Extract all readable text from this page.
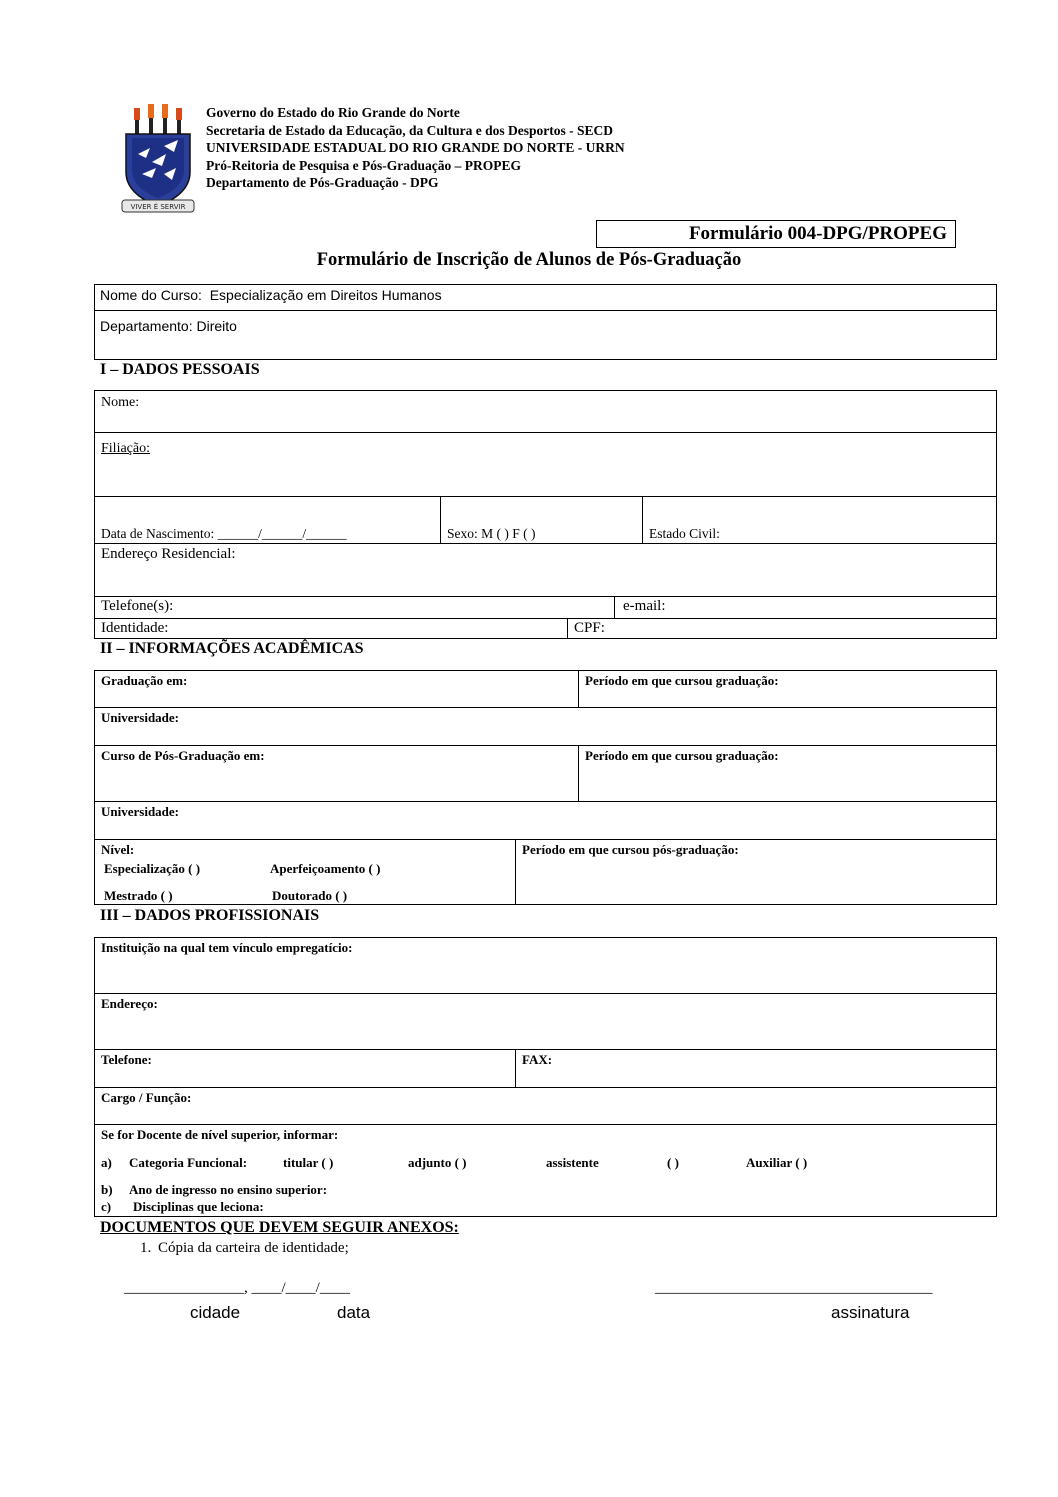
VIVER É SERVIR
Governo do Estado do Rio Grande do Norte
Secretaria de Estado da Educação, da Cultura e dos Desportos - SECD
UNIVERSIDADE ESTADUAL DO RIO GRANDE DO NORTE - URRN
Pró-Reitoria de Pesquisa e Pós-Graduação – PROPEG
Departamento de Pós-Graduação - DPG
Formulário 004-DPG/PROPEG
Formulário de Inscrição de Alunos de Pós-Graduação
Nome do Curso: Especialização em Direitos Humanos
Departamento: Direito
I – DADOS PESSOAIS
Nome:
Filiação:
Data de Nascimento: ______/______/______	Sexo: M ( ) F ( )	Estado Civil:
Endereço Residencial:
Telefone(s):	e-mail:
Identidade:	CPF:
II – INFORMAÇÕES ACADÊMICAS
Graduação em:	Período em que cursou graduação:
Universidade:
Curso de Pós-Graduação em:	Período em que cursou graduação:
Universidade:
Nível:
Especialização ( )	Aperfeiçoamento ( )
Mestrado ( )	Doutorado ( )
Período em que cursou pós-graduação:
III – DADOS PROFISSIONAIS
Instituição na qual tem vínculo empregatício:
Endereço:
Telefone:	FAX:
Cargo / Função:
Se for Docente de nível superior, informar:
a) Categoria Funcional:	titular ( )	adjunto ( )	assistente	( )	Auxiliar ( )
b) Ano de ingresso no ensino superior:
c) Disciplinas que leciona:
DOCUMENTOS QUE DEVEM SEGUIR ANEXOS:
1. Cópia da carteira de identidade;
________________, ____/____/____
cidade	data
_____________________________________
assinatura
